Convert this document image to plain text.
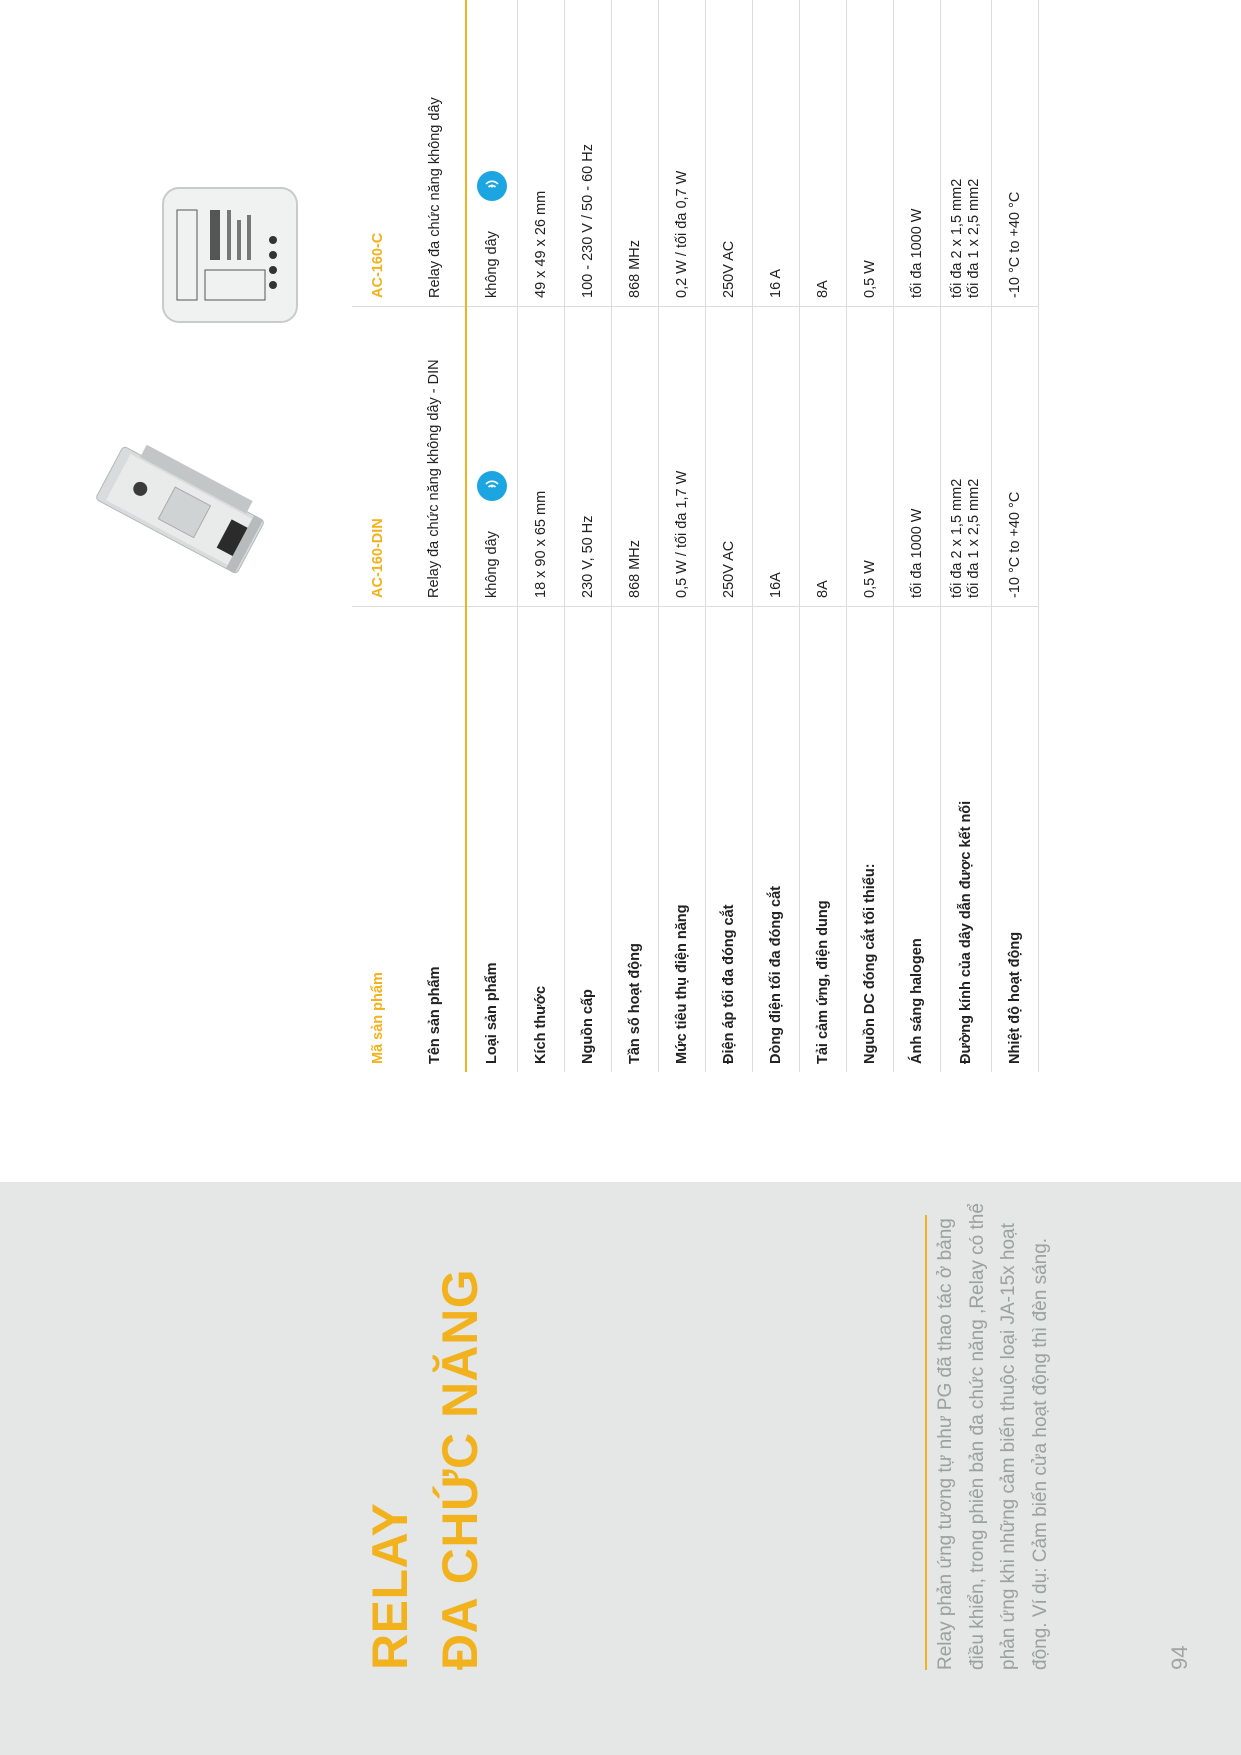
RELAY ĐA CHỨC NĂNG	Relay phản ứng tương tự như PG đã thao tác ở bảng điều khiển, trong phiên bản đa chức năng ,Relay có thể phản ứng khi những cảm biến thuộc loại JA-15x hoạt động. Ví dụ: Cảm biến cửa hoạt động thì đèn sáng.	94
Mã sản phẩm
AC-160-DIN
AC-160-C
Tên sản phẩm
Relay đa chức năng không dây - DIN
Relay đa chức năng không dây
Loại sản phẩm
không dây
không dây
Kích thước
18 x 90 x 65 mm
49 x 49 x 26 mm
Nguồn cấp
230 V, 50 Hz
100 - 230 V / 50 - 60 Hz
Tần số hoạt động
868 MHz
868 MHz
Mức tiêu thụ điện năng
0,5 W / tối đa 1,7 W
0,2 W / tối đa 0,7 W
Điện áp tối đa đóng cắt
250V AC
250V AC
Dòng điện tối đa đóng cắt
16A
16 A
Tải cảm ứng, điện dung
8A
8A
Nguồn DC đóng cắt tối thiểu:
0,5 W
0,5 W
Ánh sáng halogen
tối đa 1000 W
tối đa 1000 W
Đường kính của dây dẫn được kết nối
tối đa 2 x 1,5 mm2 tối đa 1 x 2,5 mm2
tối đa 2 x 1,5 mm2 tối đa 1 x 2,5 mm2
Nhiệt độ hoạt động
-10 °C to +40 °C
-10 °C to +40 °C
